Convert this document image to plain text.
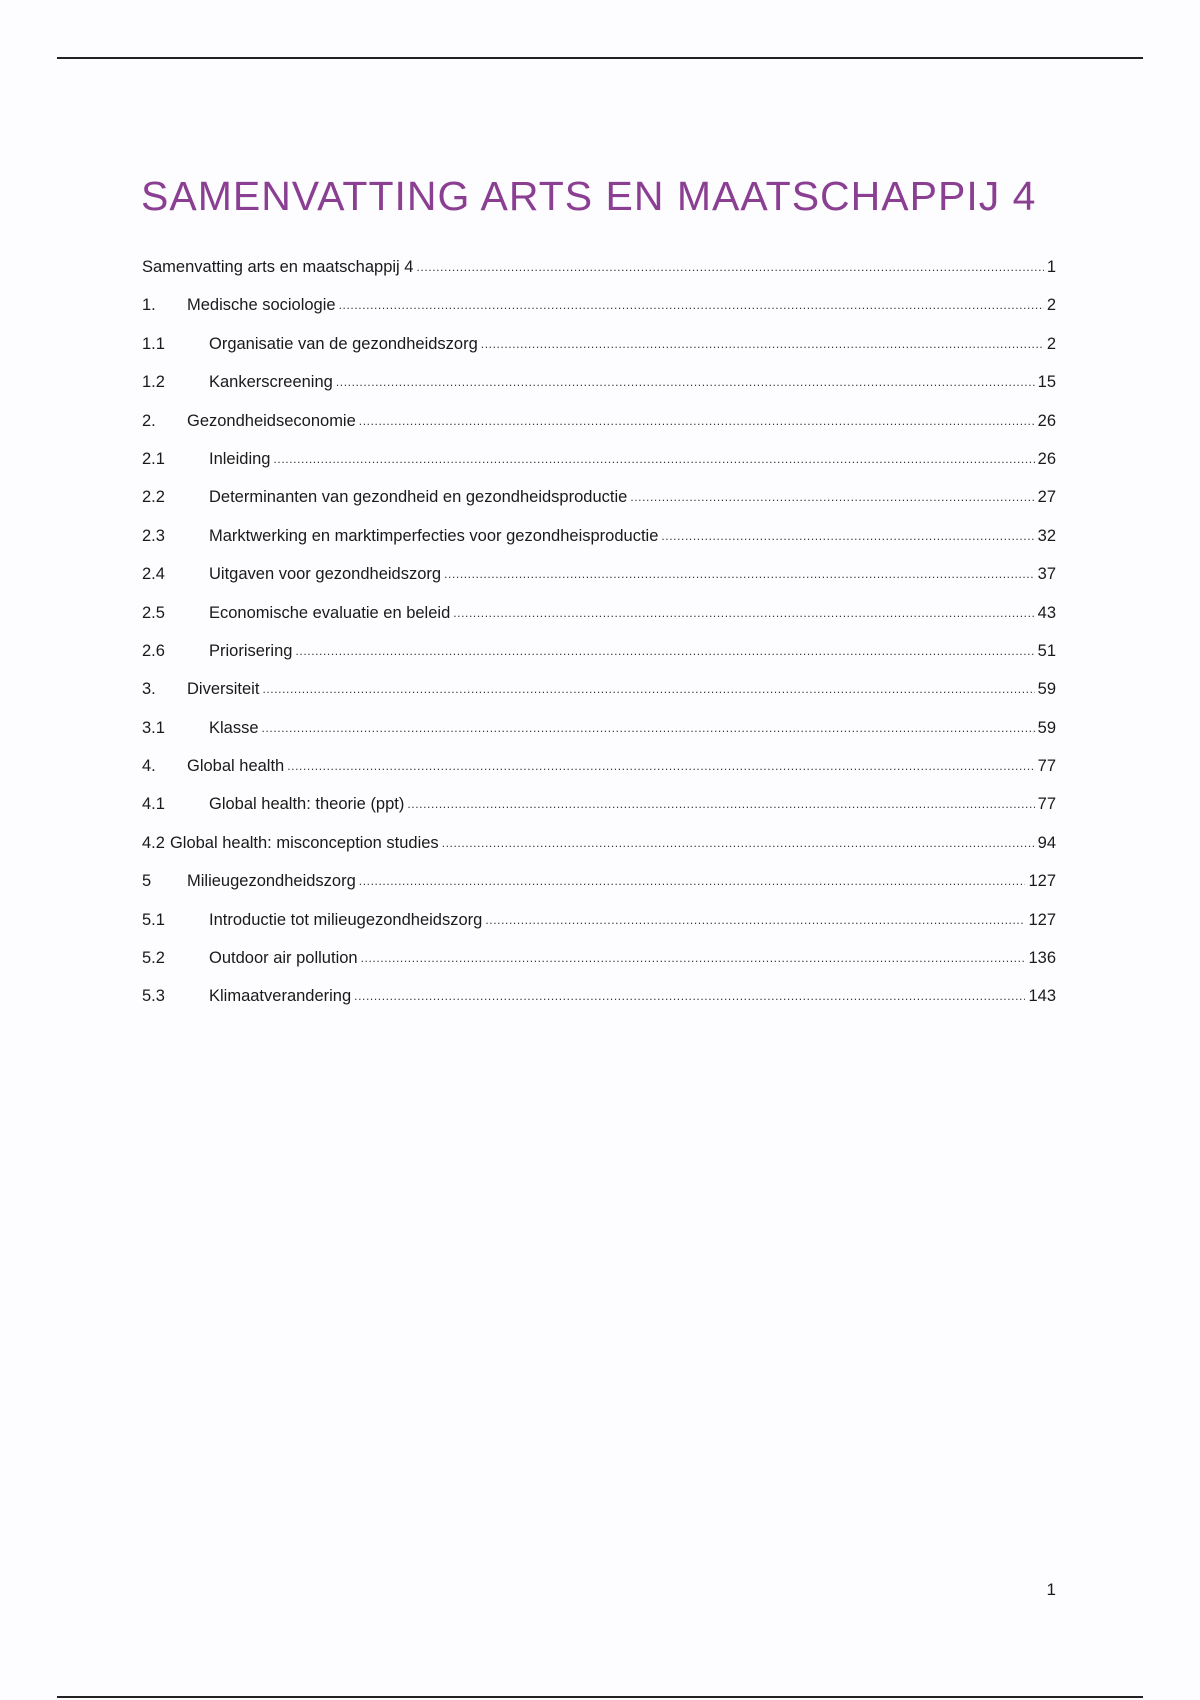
SAMENVATTING ARTS EN MAATSCHAPPIJ 4
Samenvatting arts en maatschappij 4 .....	1
1.	Medische sociologie .....	2
1.1	Organisatie van de gezondheidszorg .....	2
1.2	Kankerscreening .....	15
2.	Gezondheidseconomie .....	26
2.1	Inleiding .....	26
2.2	Determinanten van gezondheid en gezondheidsproductie .....	27
2.3	Marktwerking en marktimperfecties voor gezondheisproductie .....	32
2.4	Uitgaven voor gezondheidszorg .....	37
2.5	Economische evaluatie en beleid .....	43
2.6	Priorisering .....	51
3.	Diversiteit .....	59
3.1	Klasse .....	59
4.	Global health .....	77
4.1	Global health: theorie (ppt) .....	77
4.2 Global health: misconception studies .....	94
5	Milieugezondheidszorg .....	127
5.1	Introductie tot milieugezondheidszorg .....	127
5.2	Outdoor air pollution .....	136
5.3	Klimaatverandering .....	143
1
